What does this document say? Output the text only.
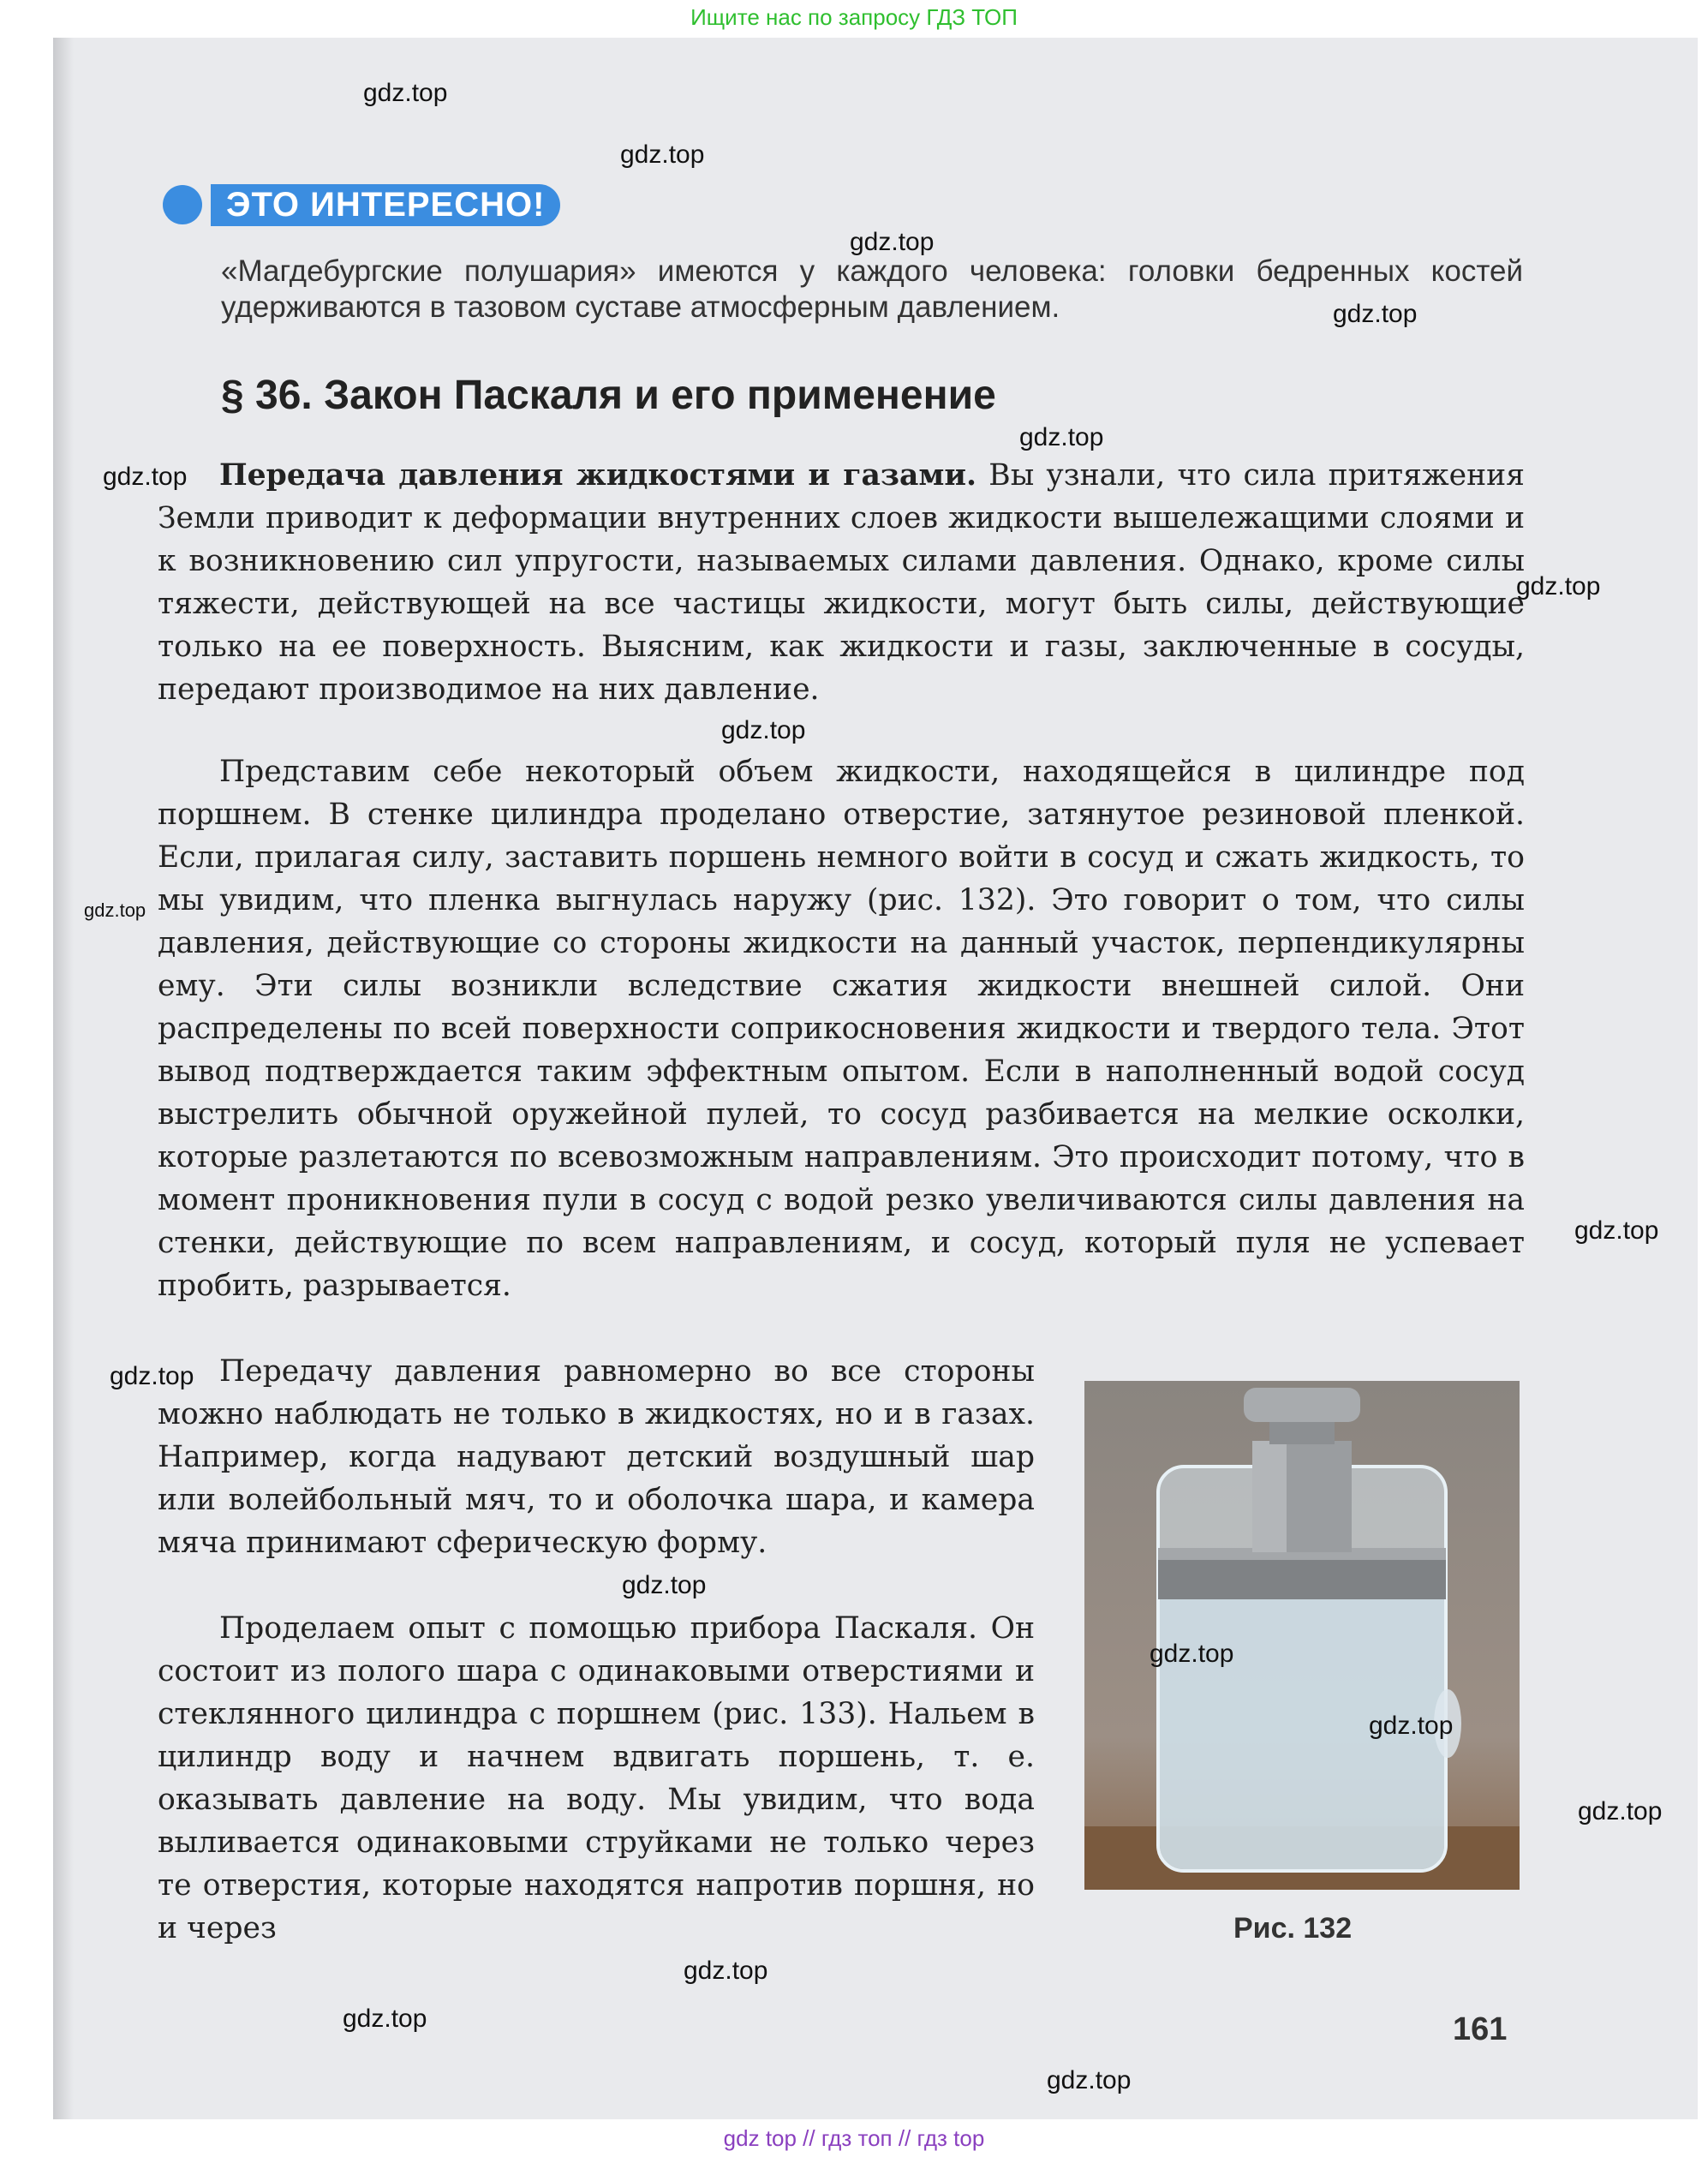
Ищите нас по запросу ГДЗ ТОП
ЭТО ИНТЕРЕСНО!
«Магдебургские полушария» имеются у каждого человека: головки бедренных костей удерживаются в тазовом суставе атмосферным давлением.
§ 36. Закон Паскаля и его применение

Передача давления жидкостями и газами. Вы узнали, что сила притяжения Земли приводит к деформации внутренних слоев жидкости вышележащими слоями и к возникновению сил упругости, называемых силами давления. Однако, кроме силы тяжести, действующей на все частицы жидкости, могут быть силы, действующие только на ее поверхность. Выясним, как жидкости и газы, заключенные в сосуды, передают производимое на них давление.

Представим себе некоторый объем жидкости, находящейся в цилиндре под поршнем. В стенке цилиндра проделано отверстие, затянутое резиновой пленкой. Если, прилагая силу, заставить поршень немного войти в сосуд и сжать жидкость, то мы увидим, что пленка выгнулась наружу (рис. 132). Это говорит о том, что силы давления, действующие со стороны жидкости на данный участок, перпендикулярны ему. Эти силы возникли вследствие сжатия жидкости внешней силой. Они распределены по всей поверхности соприкосновения жидкости и твердого тела. Этот вывод подтверждается таким эффектным опытом. Если в наполненный водой сосуд выстрелить обычной оружейной пулей, то сосуд разбивается на мелкие осколки, которые разлетаются по всевозможным направлениям. Это происходит потому, что в момент проникновения пули в сосуд с водой резко увеличиваются силы давления на стенки, действующие по всем направлениям, и сосуд, который пуля не успевает пробить, разрывается.

Передачу давления равномерно во все стороны можно наблюдать не только в жидкостях, но и в газах. Например, когда надувают детский воздушный шар или волейбольный мяч, то и оболочка шара, и камера мяча принимают сферическую форму.

Проделаем опыт с помощью прибора Паскаля. Он состоит из полого шара с одинаковыми отверстиями и стеклянного цилиндра с поршнем (рис. 133). Нальем в цилиндр воду и начнем вдвигать поршень, т. е. оказывать давление на воду. Мы увидим, что вода выливается одинаковыми струйками не только через те отверстия, которые находятся напротив поршня, но и через	Рис. 132
161
gdz.top
gdz.top
gdz.top
gdz.top
gdz.top
gdz.top
gdz.top
gdz.top
gdz.top
gdz.top
gdz.top
gdz.top
gdz.top
gdz.top
gdz.top
gdz.top
gdz.top
gdz.top
gdz top // гдз топ // гдз top
